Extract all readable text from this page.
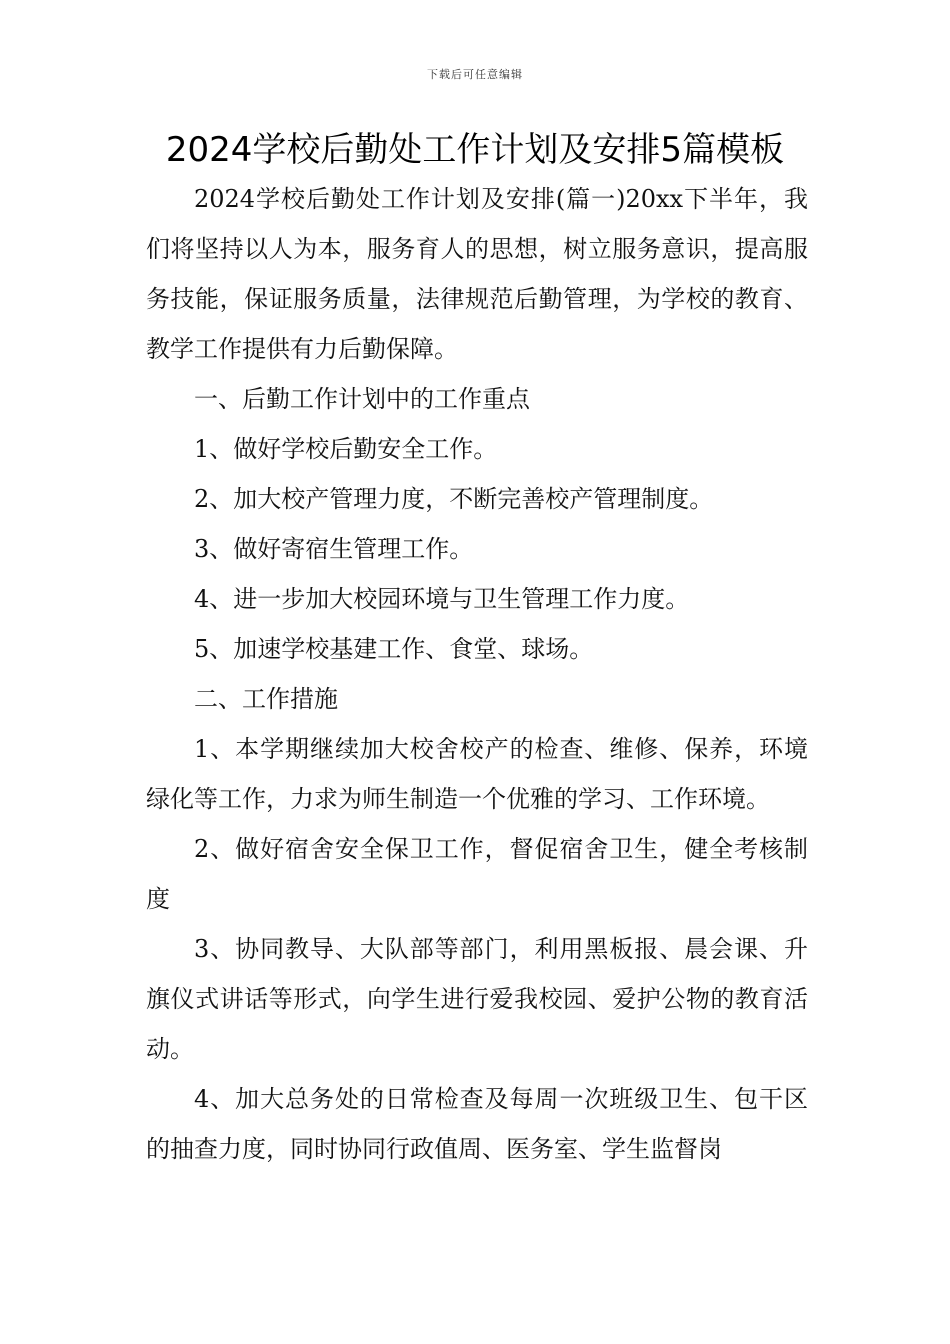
下载后可任意编辑
2024学校后勤处工作计划及安排5篇模板

2024学校后勤处工作计划及安排(篇一)20xx下半年，我们将坚持以人为本，服务育人的思想，树立服务意识，提高服务技能，保证服务质量，法律规范后勤管理，为学校的教育、教学工作提供有力后勤保障。

一、后勤工作计划中的工作重点

1、做好学校后勤安全工作。

2、加大校产管理力度，不断完善校产管理制度。

3、做好寄宿生管理工作。

4、进一步加大校园环境与卫生管理工作力度。

5、加速学校基建工作、食堂、球场。

二、工作措施

1、本学期继续加大校舍校产的检查、维修、保养，环境绿化等工作，力求为师生制造一个优雅的学习、工作环境。

2、做好宿舍安全保卫工作，督促宿舍卫生，健全考核制度

3、协同教导、大队部等部门，利用黑板报、晨会课、升旗仪式讲话等形式，向学生进行爱我校园、爱护公物的教育活动。

4、加大总务处的日常检查及每周一次班级卫生、包干区的抽查力度，同时协同行政值周、医务室、学生监督岗
